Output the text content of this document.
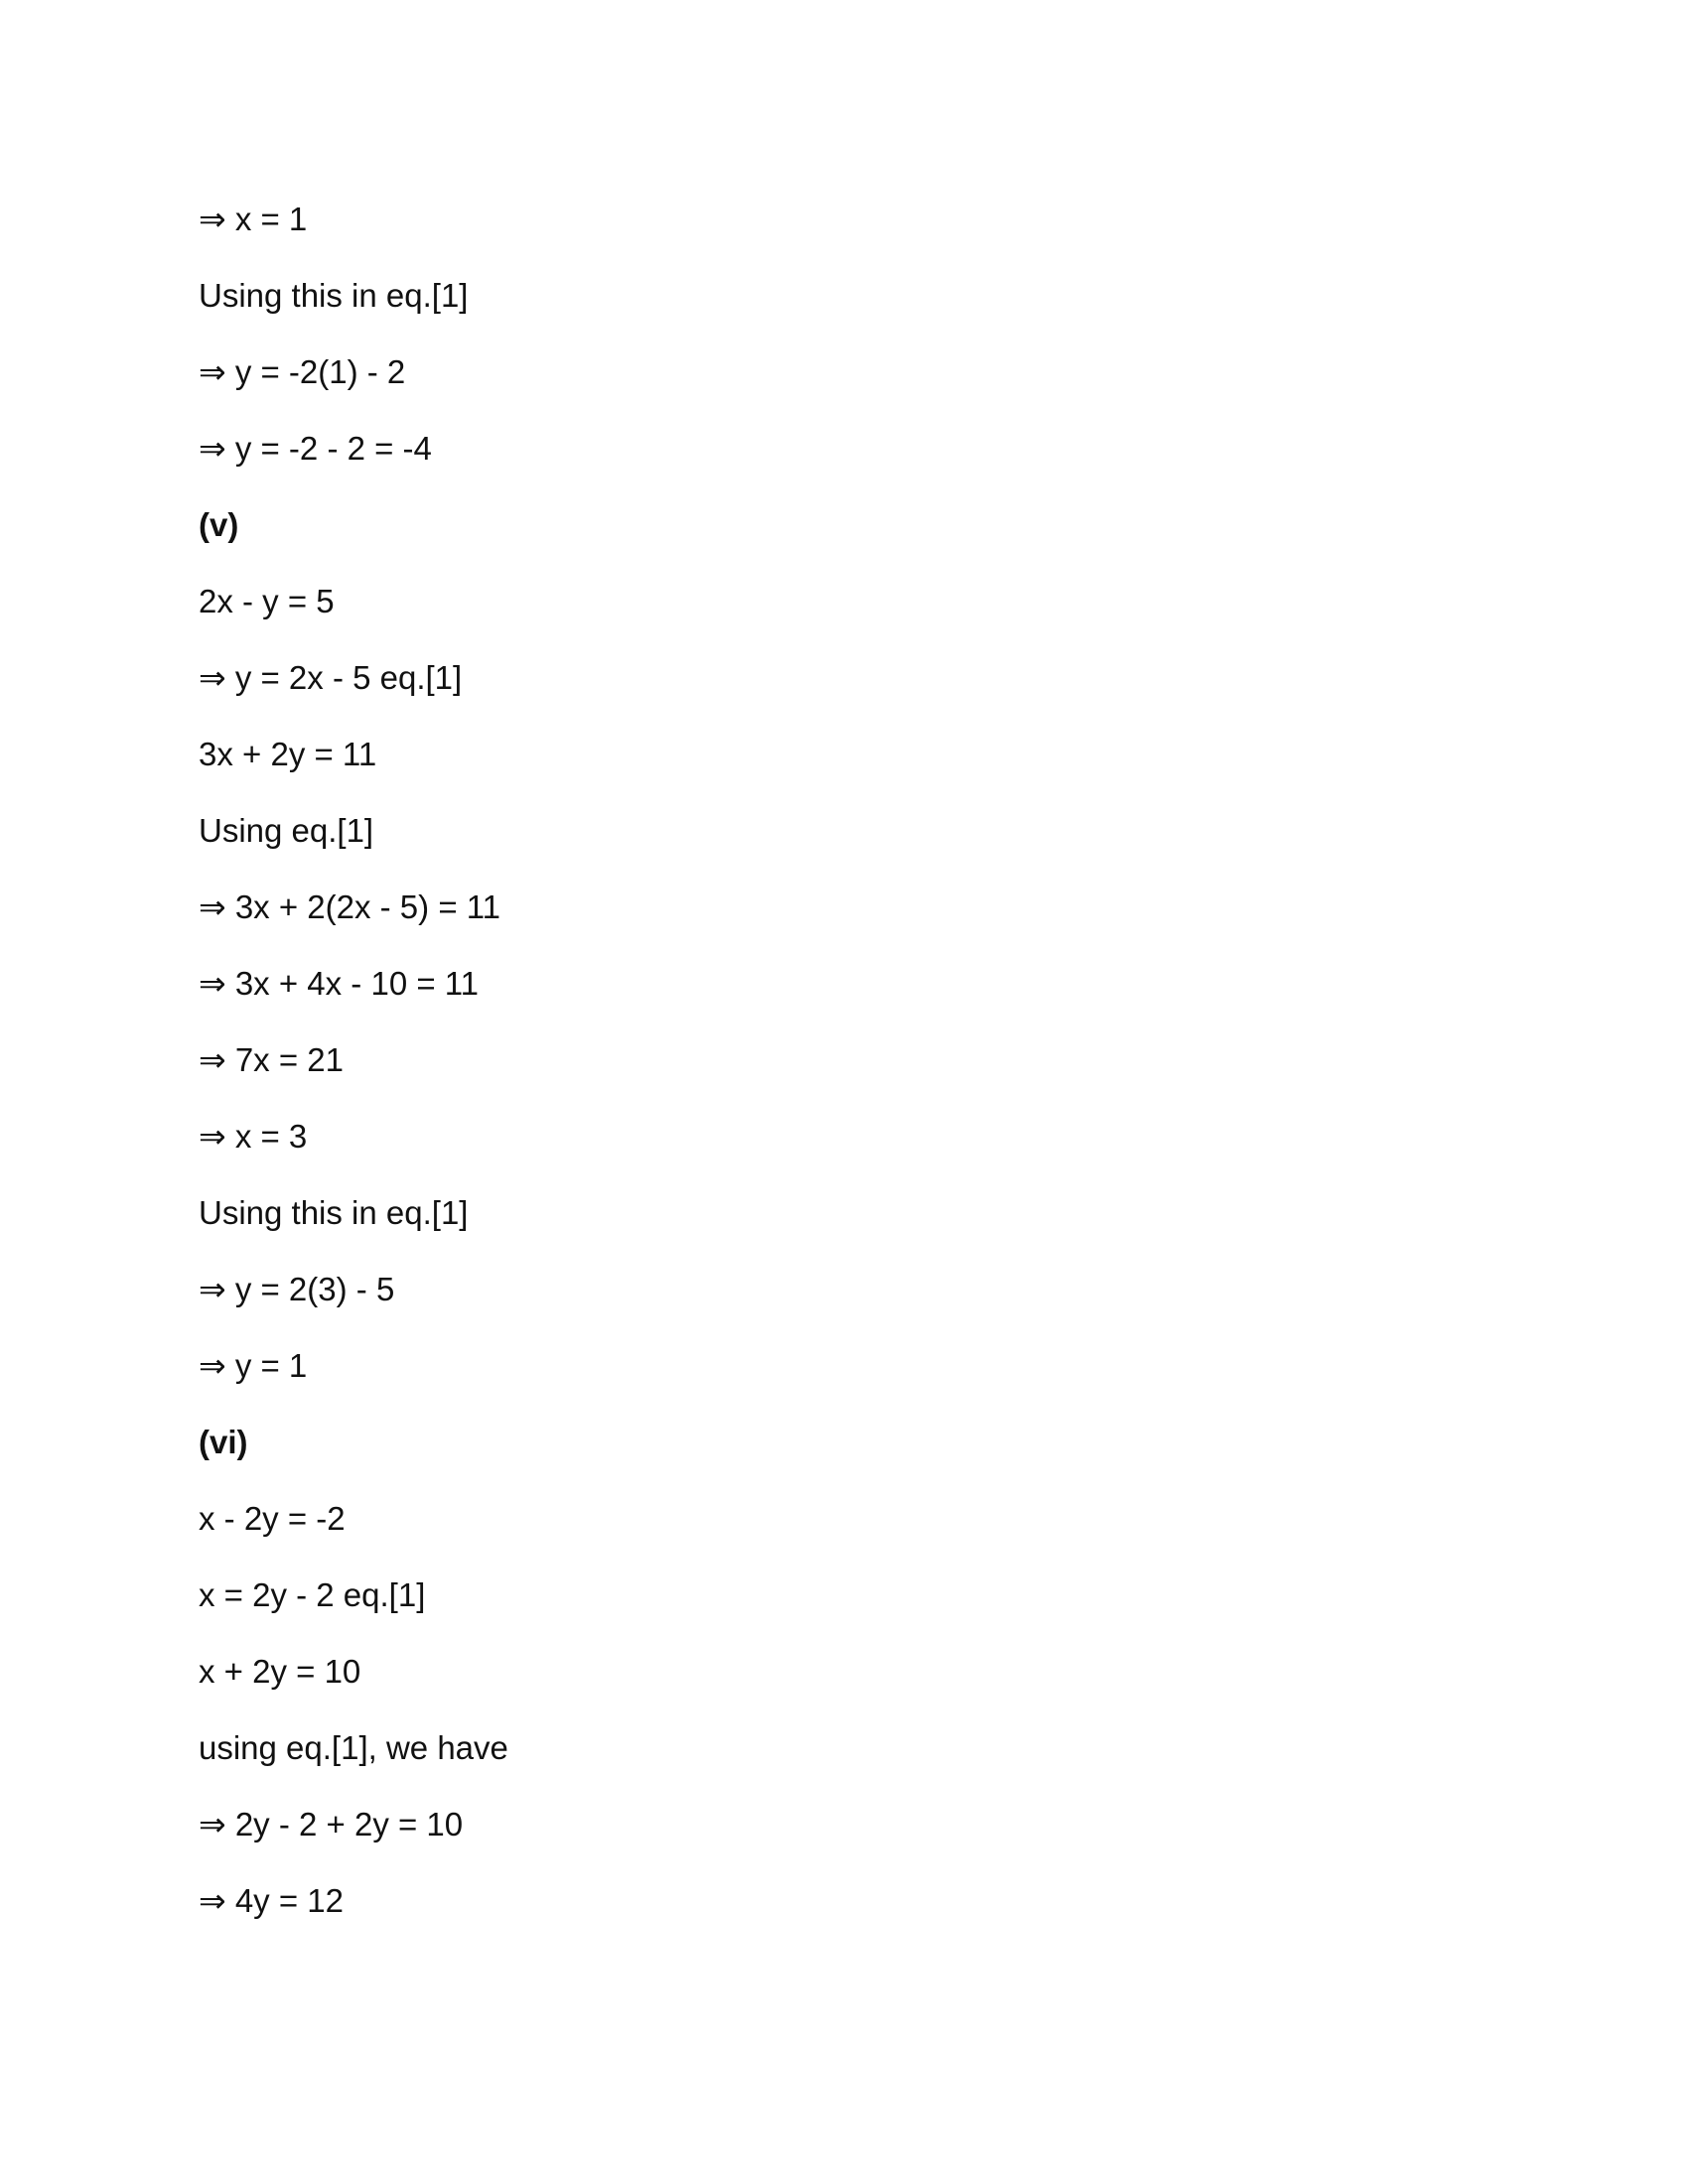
⇒ x = 1
Using this in eq.[1]
⇒ y = -2(1) - 2
⇒ y = -2 - 2 = -4
(v)
2x - y = 5
⇒ y = 2x - 5 eq.[1]
3x + 2y = 11
Using eq.[1]
⇒ 3x + 2(2x - 5) = 11
⇒ 3x + 4x - 10 = 11
⇒ 7x = 21
⇒ x = 3
Using this in eq.[1]
⇒ y = 2(3) - 5
⇒ y = 1
(vi)
x - 2y = -2
x = 2y - 2 eq.[1]
x + 2y = 10
using eq.[1], we have
⇒ 2y - 2 + 2y = 10
⇒ 4y = 12
